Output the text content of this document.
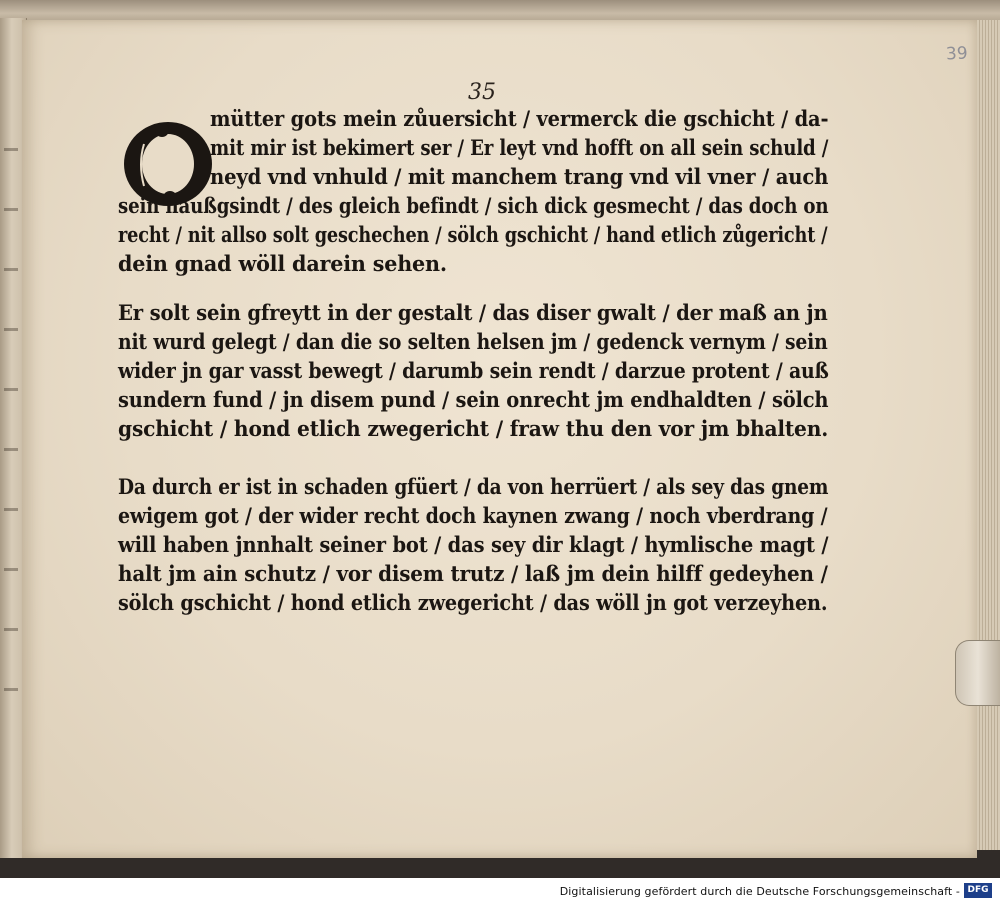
39
35
O
mütter gots mein zůuersicht / vermerck die gschicht / da-
mit mir ist bekimert ser / Er leyt vnd hofft on all sein schuld /
neyd vnd vnhuld / mit manchem trang vnd vil vner / auch
sein haußgsindt / des gleich befindt / sich dick gesmecht / das doch on
recht / nit allso solt geschechen / sölch gschicht / hand etlich zůgericht /
dein gnad wöll darein sehen.
Er solt sein gfreytt in der gestalt / das diser gwalt / der maß an jn
nit wurd gelegt / dan die so selten helsen jm / gedenck vernym / sein
wider jn gar vasst bewegt / darumb sein rendt / darzue protent / auß
sundern fund / jn disem pund / sein onrecht jm endhaldten / sölch
gschicht / hond etlich zwegericht / fraw thu den vor jm bhalten.
Da durch er ist in schaden gfüert / da von herrüert / als sey das gnem
ewigem got / der wider recht doch kaynen zwang / noch vberdrang /
will haben jnnhalt seiner bot / das sey dir klagt / hymlische magt /
halt jm ain schutz / vor disem trutz / laß jm dein hilff gedeyhen /
sölch gschicht / hond etlich zwegericht / das wöll jn got verzeyhen.
Digitalisierung gefördert durch die Deutsche Forschungsgemeinschaft - DFG
